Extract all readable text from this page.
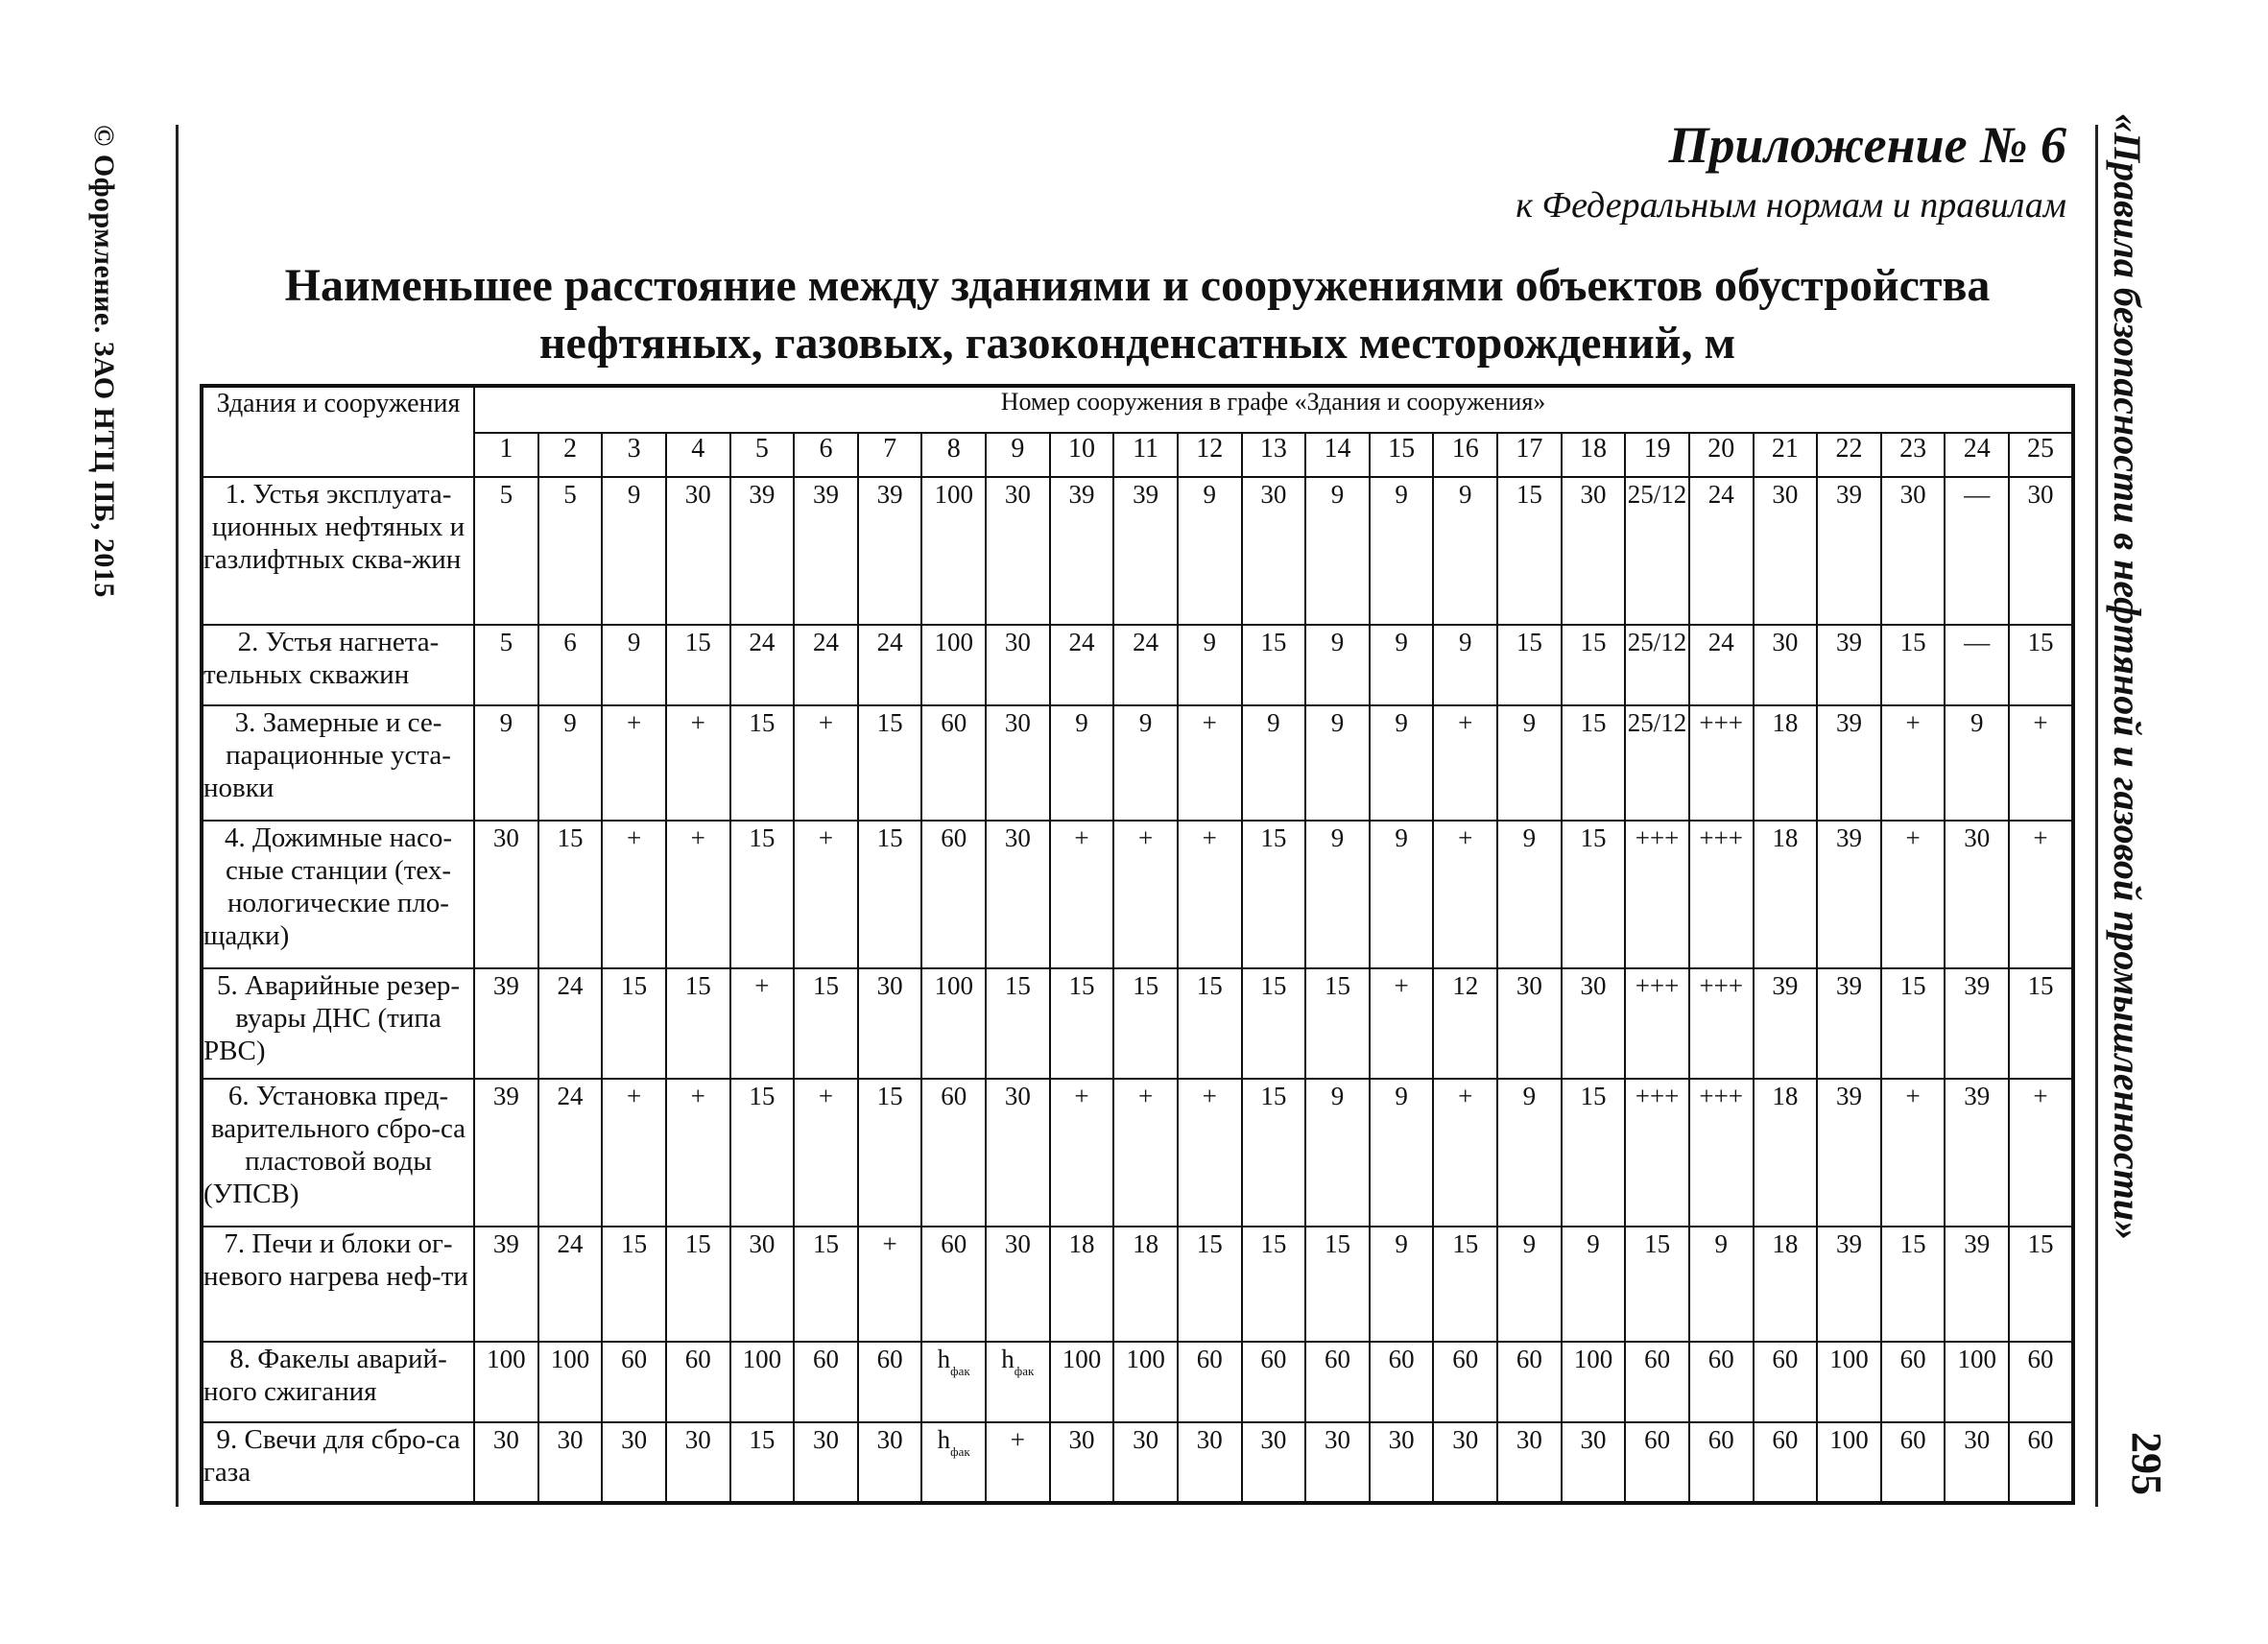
© Оформление. ЗАО НТЦ ПБ, 2015	«Правила безопасности в нефтяной и газовой промышленности»
295
Приложение № 6
к Федеральным нормам и правилам
Наименьшее расстояние между зданиями и сооружениями объектов обустройства нефтяных, газовых, газоконденсатных месторождений, м
Здания и сооружения	Номер сооружения в графе «Здания и сооружения»																								
	1	2	3	4	5	6	7	8	9	10	11	12	13	14	15	16	17	18	19	20	21	22	23	24	25
1. Устья эксплуата-ционных нефтяных и газлифтных сква-жин	5	5	9	30	39	39	39	100	30	39	39	9	30	9	9	9	15	30	25/12	24	30	39	30	—	30
2. Устья нагнета-тельных скважин	5	6	9	15	24	24	24	100	30	24	24	9	15	9	9	9	15	15	25/12	24	30	39	15	—	15
3. Замерные и се-парационные уста-новки	9	9	+	+	15	+	15	60	30	9	9	+	9	9	9	+	9	15	25/12	+++	18	39	+	9	+
4. Дожимные насо-сные станции (тех-нологические пло-щадки)	30	15	+	+	15	+	15	60	30	+	+	+	15	9	9	+	9	15	+++	+++	18	39	+	30	+
5. Аварийные резер-вуары ДНС (типа РВС)	39	24	15	15	+	15	30	100	15	15	15	15	15	15	+	12	30	30	+++	+++	39	39	15	39	15
6. Установка пред-варительного сбро-са пластовой воды (УПСВ)	39	24	+	+	15	+	15	60	30	+	+	+	15	9	9	+	9	15	+++	+++	18	39	+	39	+
7. Печи и блоки ог-невого нагрева неф-ти	39	24	15	15	30	15	+	60	30	18	18	15	15	15	9	15	9	9	15	9	18	39	15	39	15
8. Факелы аварий-ного сжигания	100	100	60	60	100	60	60	$h_{фак}$	$h_{фак}$	100	100	60	60	60	60	60	60	100	60	60	60	100	60	100	60
9. Свечи для сбро-са газа	30	30	30	30	15	30	30	$h_{фак}$	+	30	30	30	30	30	30	30	30	30	60	60	60	100	60	30	60
